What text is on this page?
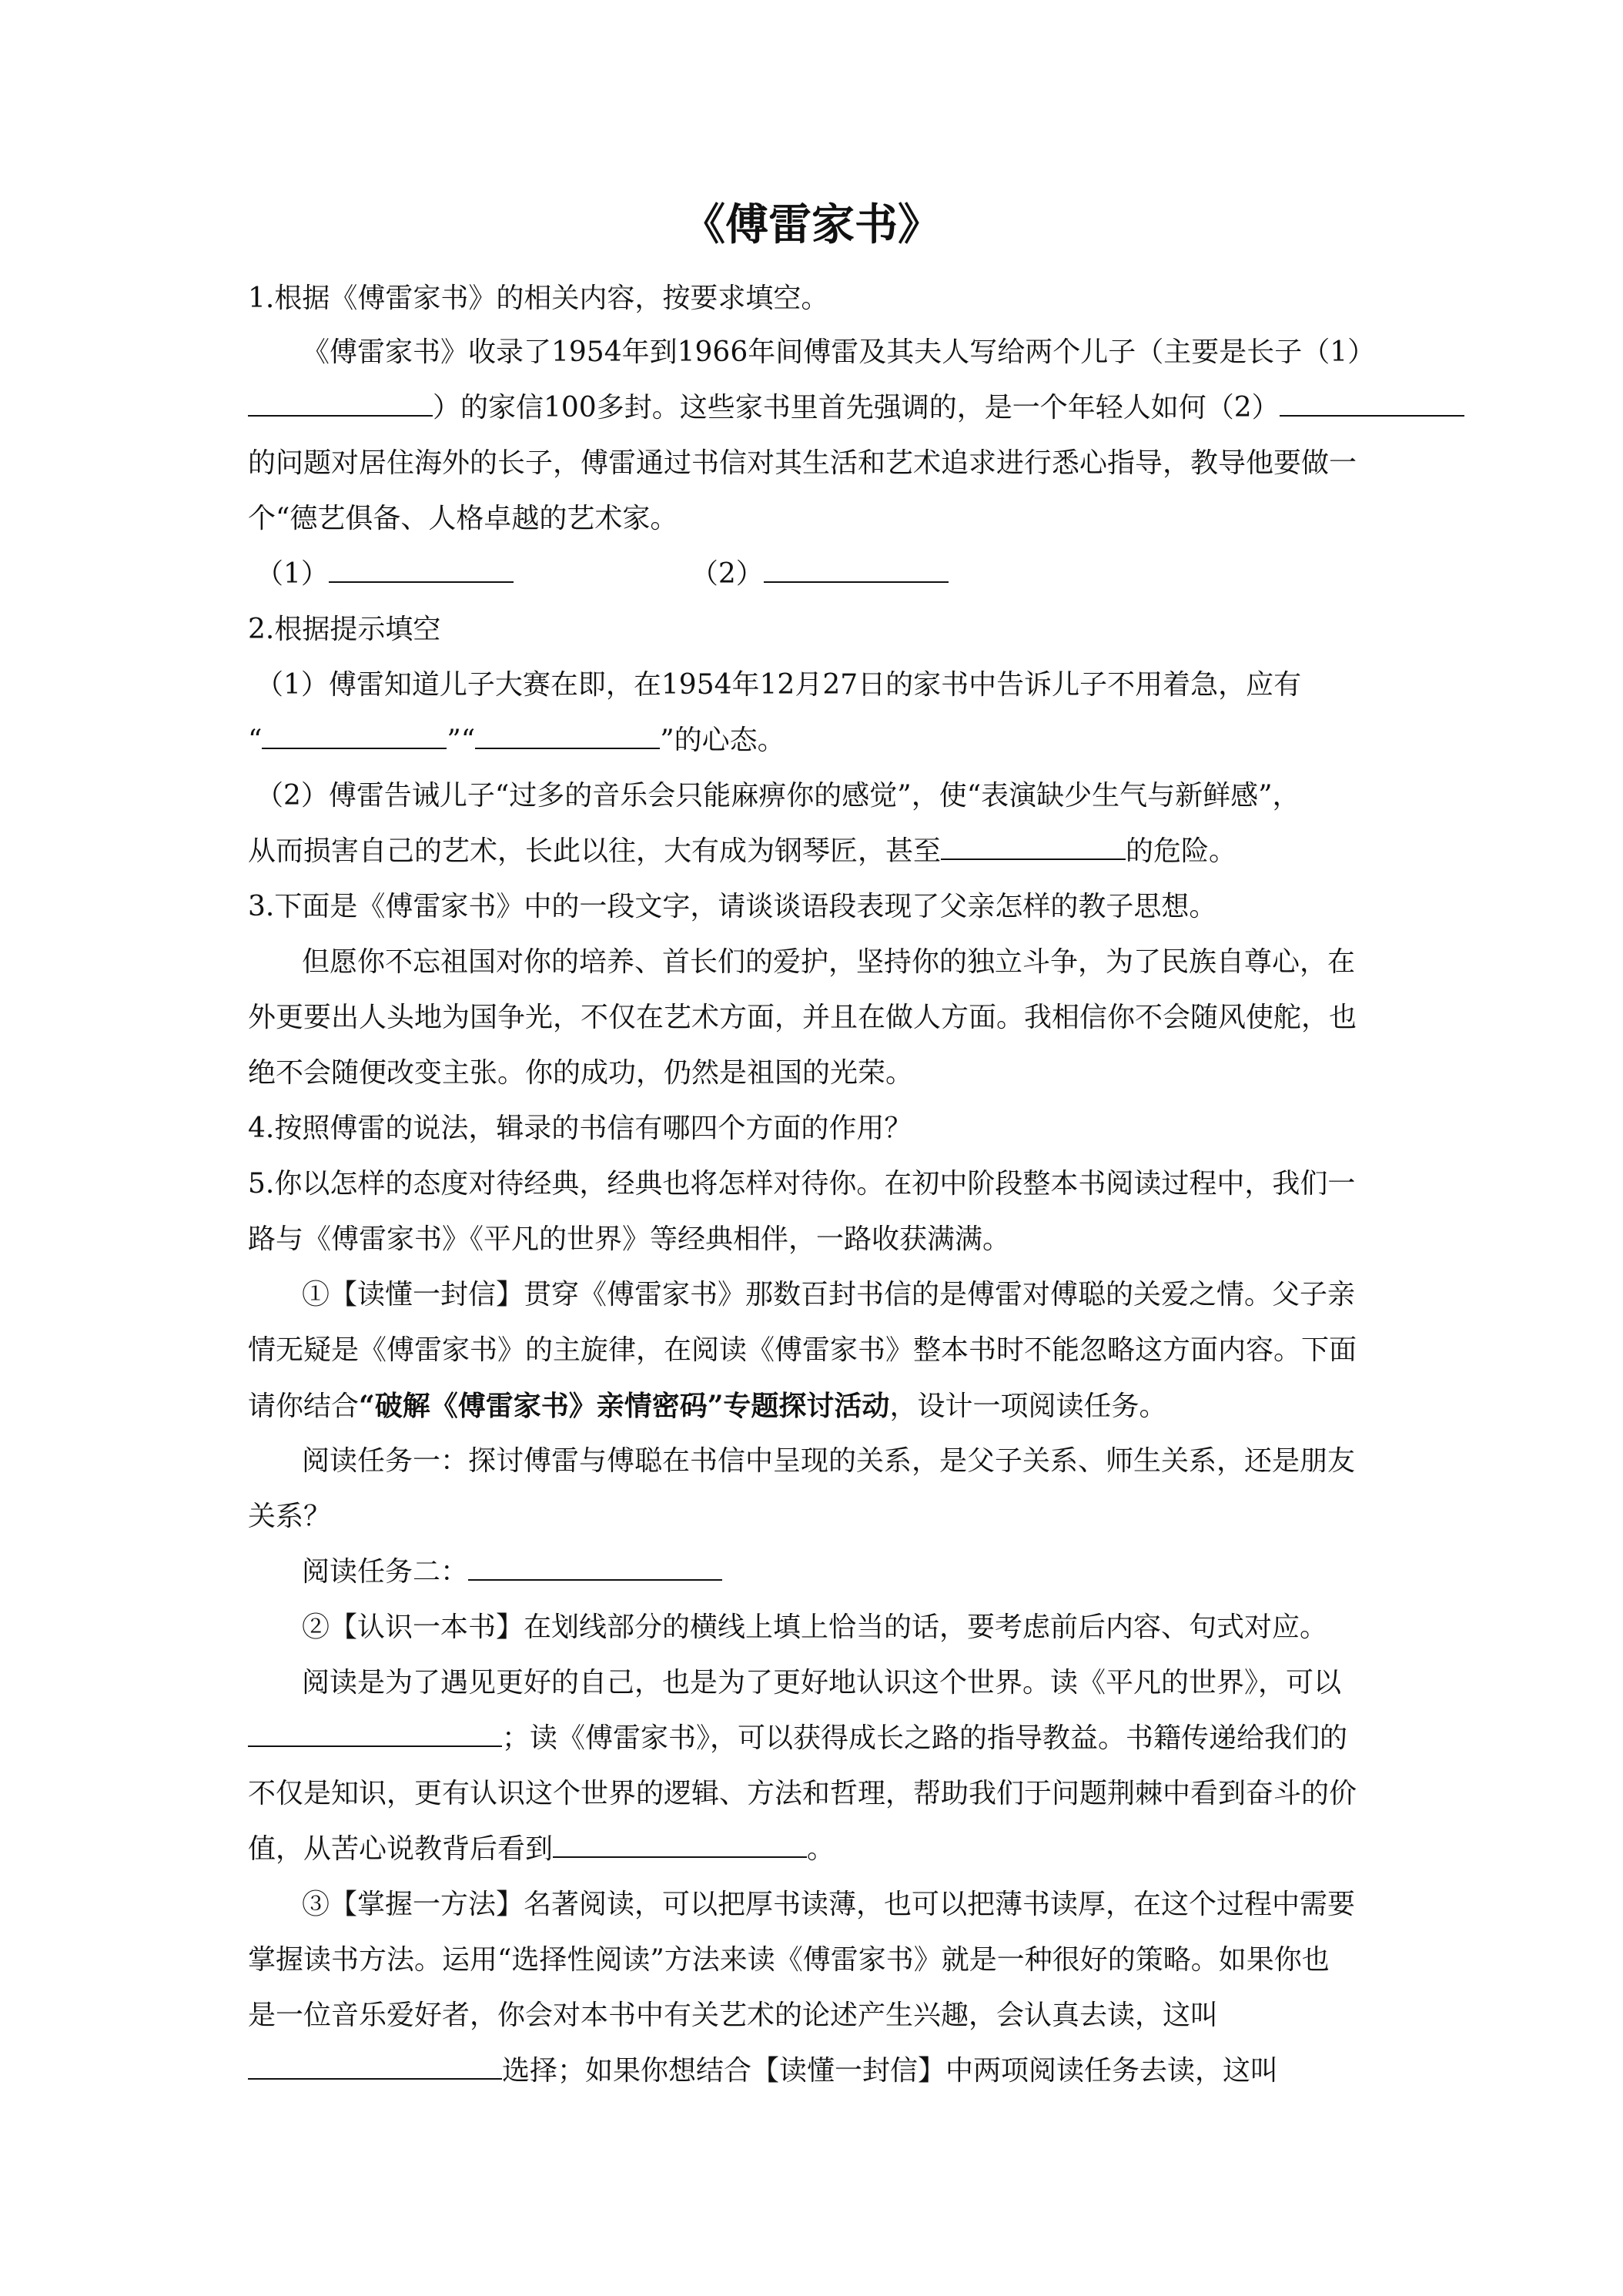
《傅雷家书》
1.根据《傅雷家书》的相关内容，按要求填空。
《傅雷家书》收录了1954年到1966年间傅雷及其夫人写给两个儿子（主要是长子（1）
）的家信100多封。这些家书里首先强调的，是一个年轻人如何（2）
的问题对居住海外的长子，傅雷通过书信对其生活和艺术追求进行悉心指导，教导他要做一
个“德艺俱备、人格卓越的艺术家。
（1）	（2）
2.根据提示填空
（1）傅雷知道儿子大赛在即，在1954年12月27日的家书中告诉儿子不用着急，应有
“	”“	”的心态。
（2）傅雷告诫儿子“过多的音乐会只能麻痹你的感觉”，使“表演缺少生气与新鲜感”，
从而损害自己的艺术，长此以往，大有成为钢琴匠，甚至	的危险。
3.下面是《傅雷家书》中的一段文字，请谈谈语段表现了父亲怎样的教子思想。
但愿你不忘祖国对你的培养、首长们的爱护，坚持你的独立斗争，为了民族自尊心，在
外更要出人头地为国争光，不仅在艺术方面，并且在做人方面。我相信你不会随风使舵，也
绝不会随便改变主张。你的成功，仍然是祖国的光荣。
4.按照傅雷的说法，辑录的书信有哪四个方面的作用？
5.你以怎样的态度对待经典，经典也将怎样对待你。在初中阶段整本书阅读过程中，我们一
路与《傅雷家书》《平凡的世界》等经典相伴，一路收获满满。
①【读懂一封信】贯穿《傅雷家书》那数百封书信的是傅雷对傅聪的关爱之情。父子亲
情无疑是《傅雷家书》的主旋律，在阅读《傅雷家书》整本书时不能忽略这方面内容。下面
请你结合“破解《傅雷家书》亲情密码”专题探讨活动，设计一项阅读任务。
阅读任务一：探讨傅雷与傅聪在书信中呈现的关系，是父子关系、师生关系，还是朋友
关系？
阅读任务二：
②【认识一本书】在划线部分的横线上填上恰当的话，要考虑前后内容、句式对应。
阅读是为了遇见更好的自己，也是为了更好地认识这个世界。读《平凡的世界》，可以
；读《傅雷家书》，可以获得成长之路的指导教益。书籍传递给我们的
不仅是知识，更有认识这个世界的逻辑、方法和哲理，帮助我们于问题荆棘中看到奋斗的价
值，从苦心说教背后看到	。
③【掌握一方法】名著阅读，可以把厚书读薄，也可以把薄书读厚，在这个过程中需要
掌握读书方法。运用“选择性阅读”方法来读《傅雷家书》就是一种很好的策略。如果你也
是一位音乐爱好者，你会对本书中有关艺术的论述产生兴趣，会认真去读，这叫
选择；如果你想结合【读懂一封信】中两项阅读任务去读，这叫
